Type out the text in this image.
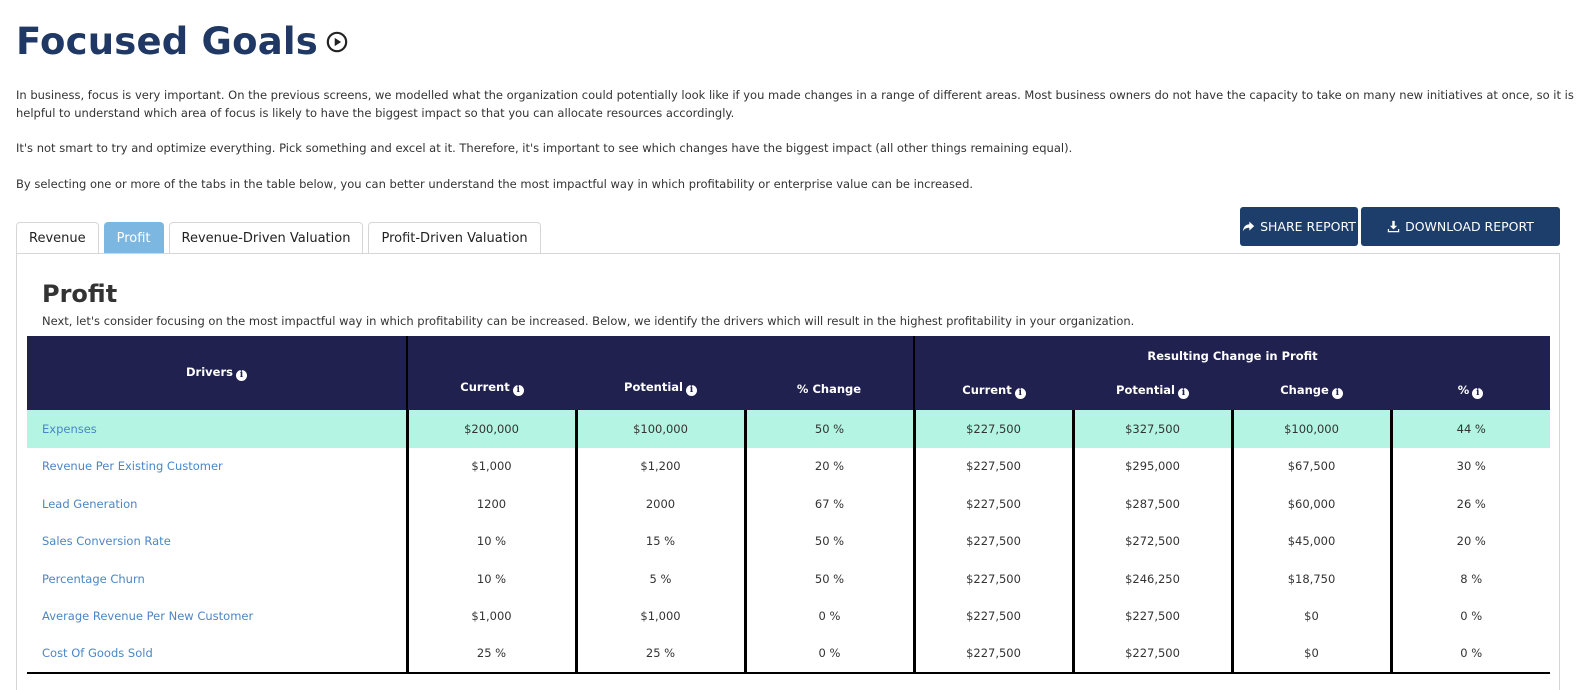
Focused Goals

In business, focus is very important. On the previous screens, we modelled what the organization could potentially look like if you made changes in a range of different areas. Most business owners do not have the capacity to take on many new initiatives at once, so it is helpful to understand which area of focus is likely to have the biggest impact so that you can allocate resources accordingly.

It's not smart to try and optimize everything. Pick something and excel at it. Therefore, it's important to see which changes have the biggest impact (all other things remaining equal).

By selecting one or more of the tabs in the table below, you can better understand the most impactful way in which profitability or enterprise value can be increased.

Revenue	Profit	Revenue-Driven Valuation	Profit-Driven Valuation
SHARE REPORT	DOWNLOAD REPORT
Profit

Next, let's consider focusing on the most impactful way in which profitability can be increased. Below, we identify the drivers which will result in the highest profitability in your organization.

Drivers i	Current i	Potential i	% Change	Resulting Change in Profit			
				Current i	Potential i	Change i	% i
Expenses	$200,000	$100,000	50 %	$227,500	$327,500	$100,000	44 %
Revenue Per Existing Customer	$1,000	$1,200	20 %	$227,500	$295,000	$67,500	30 %
Lead Generation	1200	2000	67 %	$227,500	$287,500	$60,000	26 %
Sales Conversion Rate	10 %	15 %	50 %	$227,500	$272,500	$45,000	20 %
Percentage Churn	10 %	5 %	50 %	$227,500	$246,250	$18,750	8 %
Average Revenue Per New Customer	$1,000	$1,000	0 %	$227,500	$227,500	$0	0 %
Cost Of Goods Sold	25 %	25 %	0 %	$227,500	$227,500	$0	0 %
